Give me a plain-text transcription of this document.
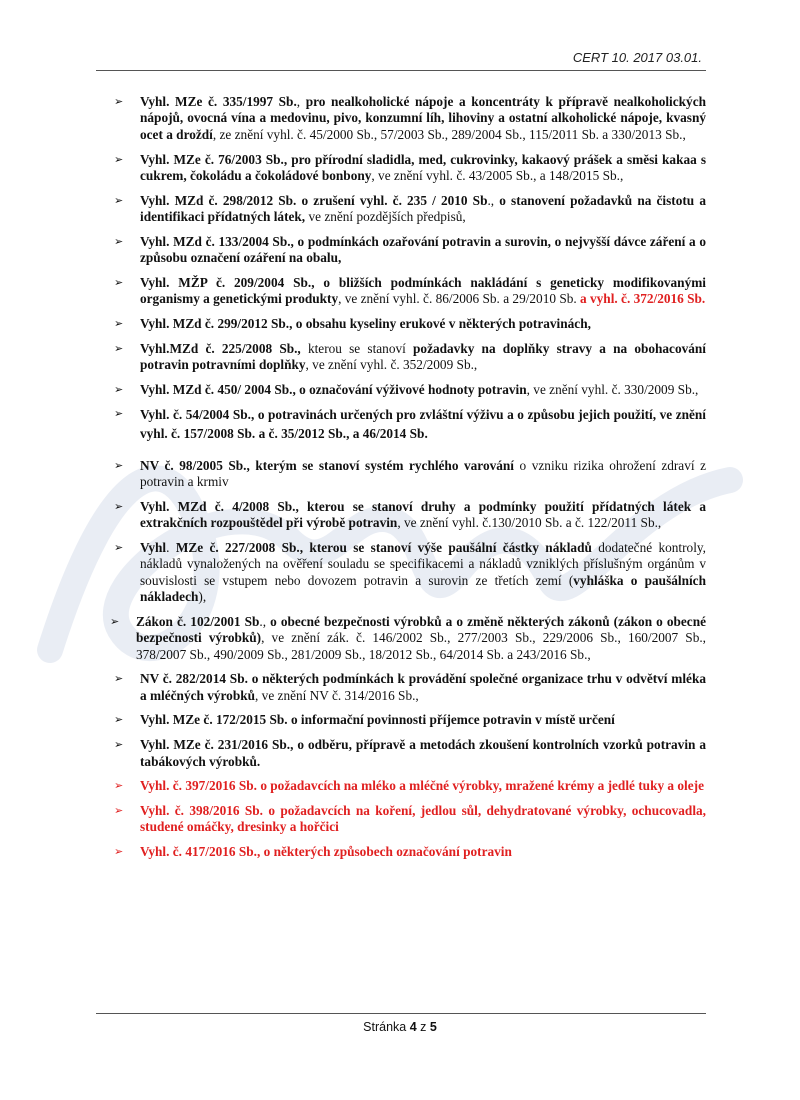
CERT 10. 2017 03.01.
➢	Vyhl. MZe č. 335/1997 Sb., pro nealkoholické nápoje a koncentráty k přípravě nealkoholických nápojů, ovocná vína a medovinu, pivo, konzumní líh, lihoviny a ostatní alkoholické nápoje, kvasný ocet a droždí, ze znění vyhl. č. 45/2000 Sb., 57/2003 Sb., 289/2004 Sb., 115/2011 Sb. a 330/2013 Sb.,
➢	Vyhl. MZe č. 76/2003 Sb., pro přírodní sladidla, med, cukrovinky, kakaový prášek a směsi kakaa s cukrem, čokoládu a čokoládové bonbony, ve znění vyhl. č. 43/2005 Sb., a 148/2015 Sb.,
➢	Vyhl. MZd č. 298/2012 Sb. o zrušení vyhl. č. 235 / 2010 Sb., o stanovení požadavků na čistotu a identifikaci přídatných látek, ve znění pozdějších předpisů,
➢	Vyhl. MZd č. 133/2004 Sb., o podmínkách ozařování potravin a surovin, o nejvyšší dávce záření a o způsobu označení ozáření na obalu,
➢	Vyhl. MŽP č. 209/2004 Sb., o bližších podmínkách nakládání s geneticky modifikovanými organismy a genetickými produkty, ve znění vyhl. č. 86/2006 Sb. a 29/2010 Sb. a vyhl. č. 372/2016 Sb.
➢	Vyhl. MZd č. 299/2012 Sb., o obsahu kyseliny erukové v některých potravinách,
➢	Vyhl.MZd č. 225/2008 Sb., kterou se stanoví požadavky na doplňky stravy a na obohacování potravin potravními doplňky, ve znění vyhl. č. 352/2009 Sb.,
➢	Vyhl. MZd č. 450/ 2004 Sb., o označování výživové hodnoty potravin, ve znění vyhl. č. 330/2009 Sb.,
➢	Vyhl. č. 54/2004 Sb., o potravinách určených pro zvláštní výživu a o způsobu jejich použití, ve znění vyhl. č. 157/2008 Sb. a č. 35/2012 Sb., a 46/2014 Sb.
➢	NV č. 98/2005 Sb., kterým se stanoví systém rychlého varování o vzniku rizika ohrožení zdraví z potravin a krmiv
➢	Vyhl. MZd č. 4/2008 Sb., kterou se stanoví druhy a podmínky použití přídatných látek a extrakčních rozpouštědel při výrobě potravin, ve znění vyhl. č.130/2010 Sb. a č. 122/2011 Sb.,
➢	Vyhl. MZe č. 227/2008 Sb., kterou se stanoví výše paušální částky nákladů dodatečné kontroly, nákladů vynaložených na ověření souladu se specifikacemi a nákladů vzniklých příslušným orgánům v souvislosti se vstupem nebo dovozem potravin a surovin ze třetích zemí (vyhláška o paušálních nákladech),
➢	Zákon č. 102/2001 Sb., o obecné bezpečnosti výrobků a o změně některých zákonů (zákon o obecné bezpečnosti výrobků), ve znění zák. č. 146/2002 Sb., 277/2003 Sb., 229/2006 Sb., 160/2007 Sb., 378/2007 Sb., 490/2009 Sb., 281/2009 Sb., 18/2012 Sb., 64/2014 Sb. a 243/2016 Sb.,
➢	NV č. 282/2014 Sb. o některých podmínkách k provádění společné organizace trhu v odvětví mléka a mléčných výrobků, ve znění NV č. 314/2016 Sb.,
➢	Vyhl. MZe č. 172/2015 Sb. o informační povinnosti příjemce potravin v místě určení
➢	Vyhl. MZe č. 231/2016 Sb., o odběru, přípravě a metodách zkoušení kontrolních vzorků potravin a tabákových výrobků.
➢	Vyhl. č. 397/2016 Sb. o požadavcích na mléko a mléčné výrobky, mražené krémy a jedlé tuky a oleje
➢	Vyhl. č. 398/2016 Sb. o požadavcích na koření, jedlou sůl, dehydratované výrobky, ochucovadla, studené omáčky, dresinky a hořčici
➢	Vyhl. č. 417/2016 Sb., o některých způsobech označování potravin
Stránka 4 z 5
